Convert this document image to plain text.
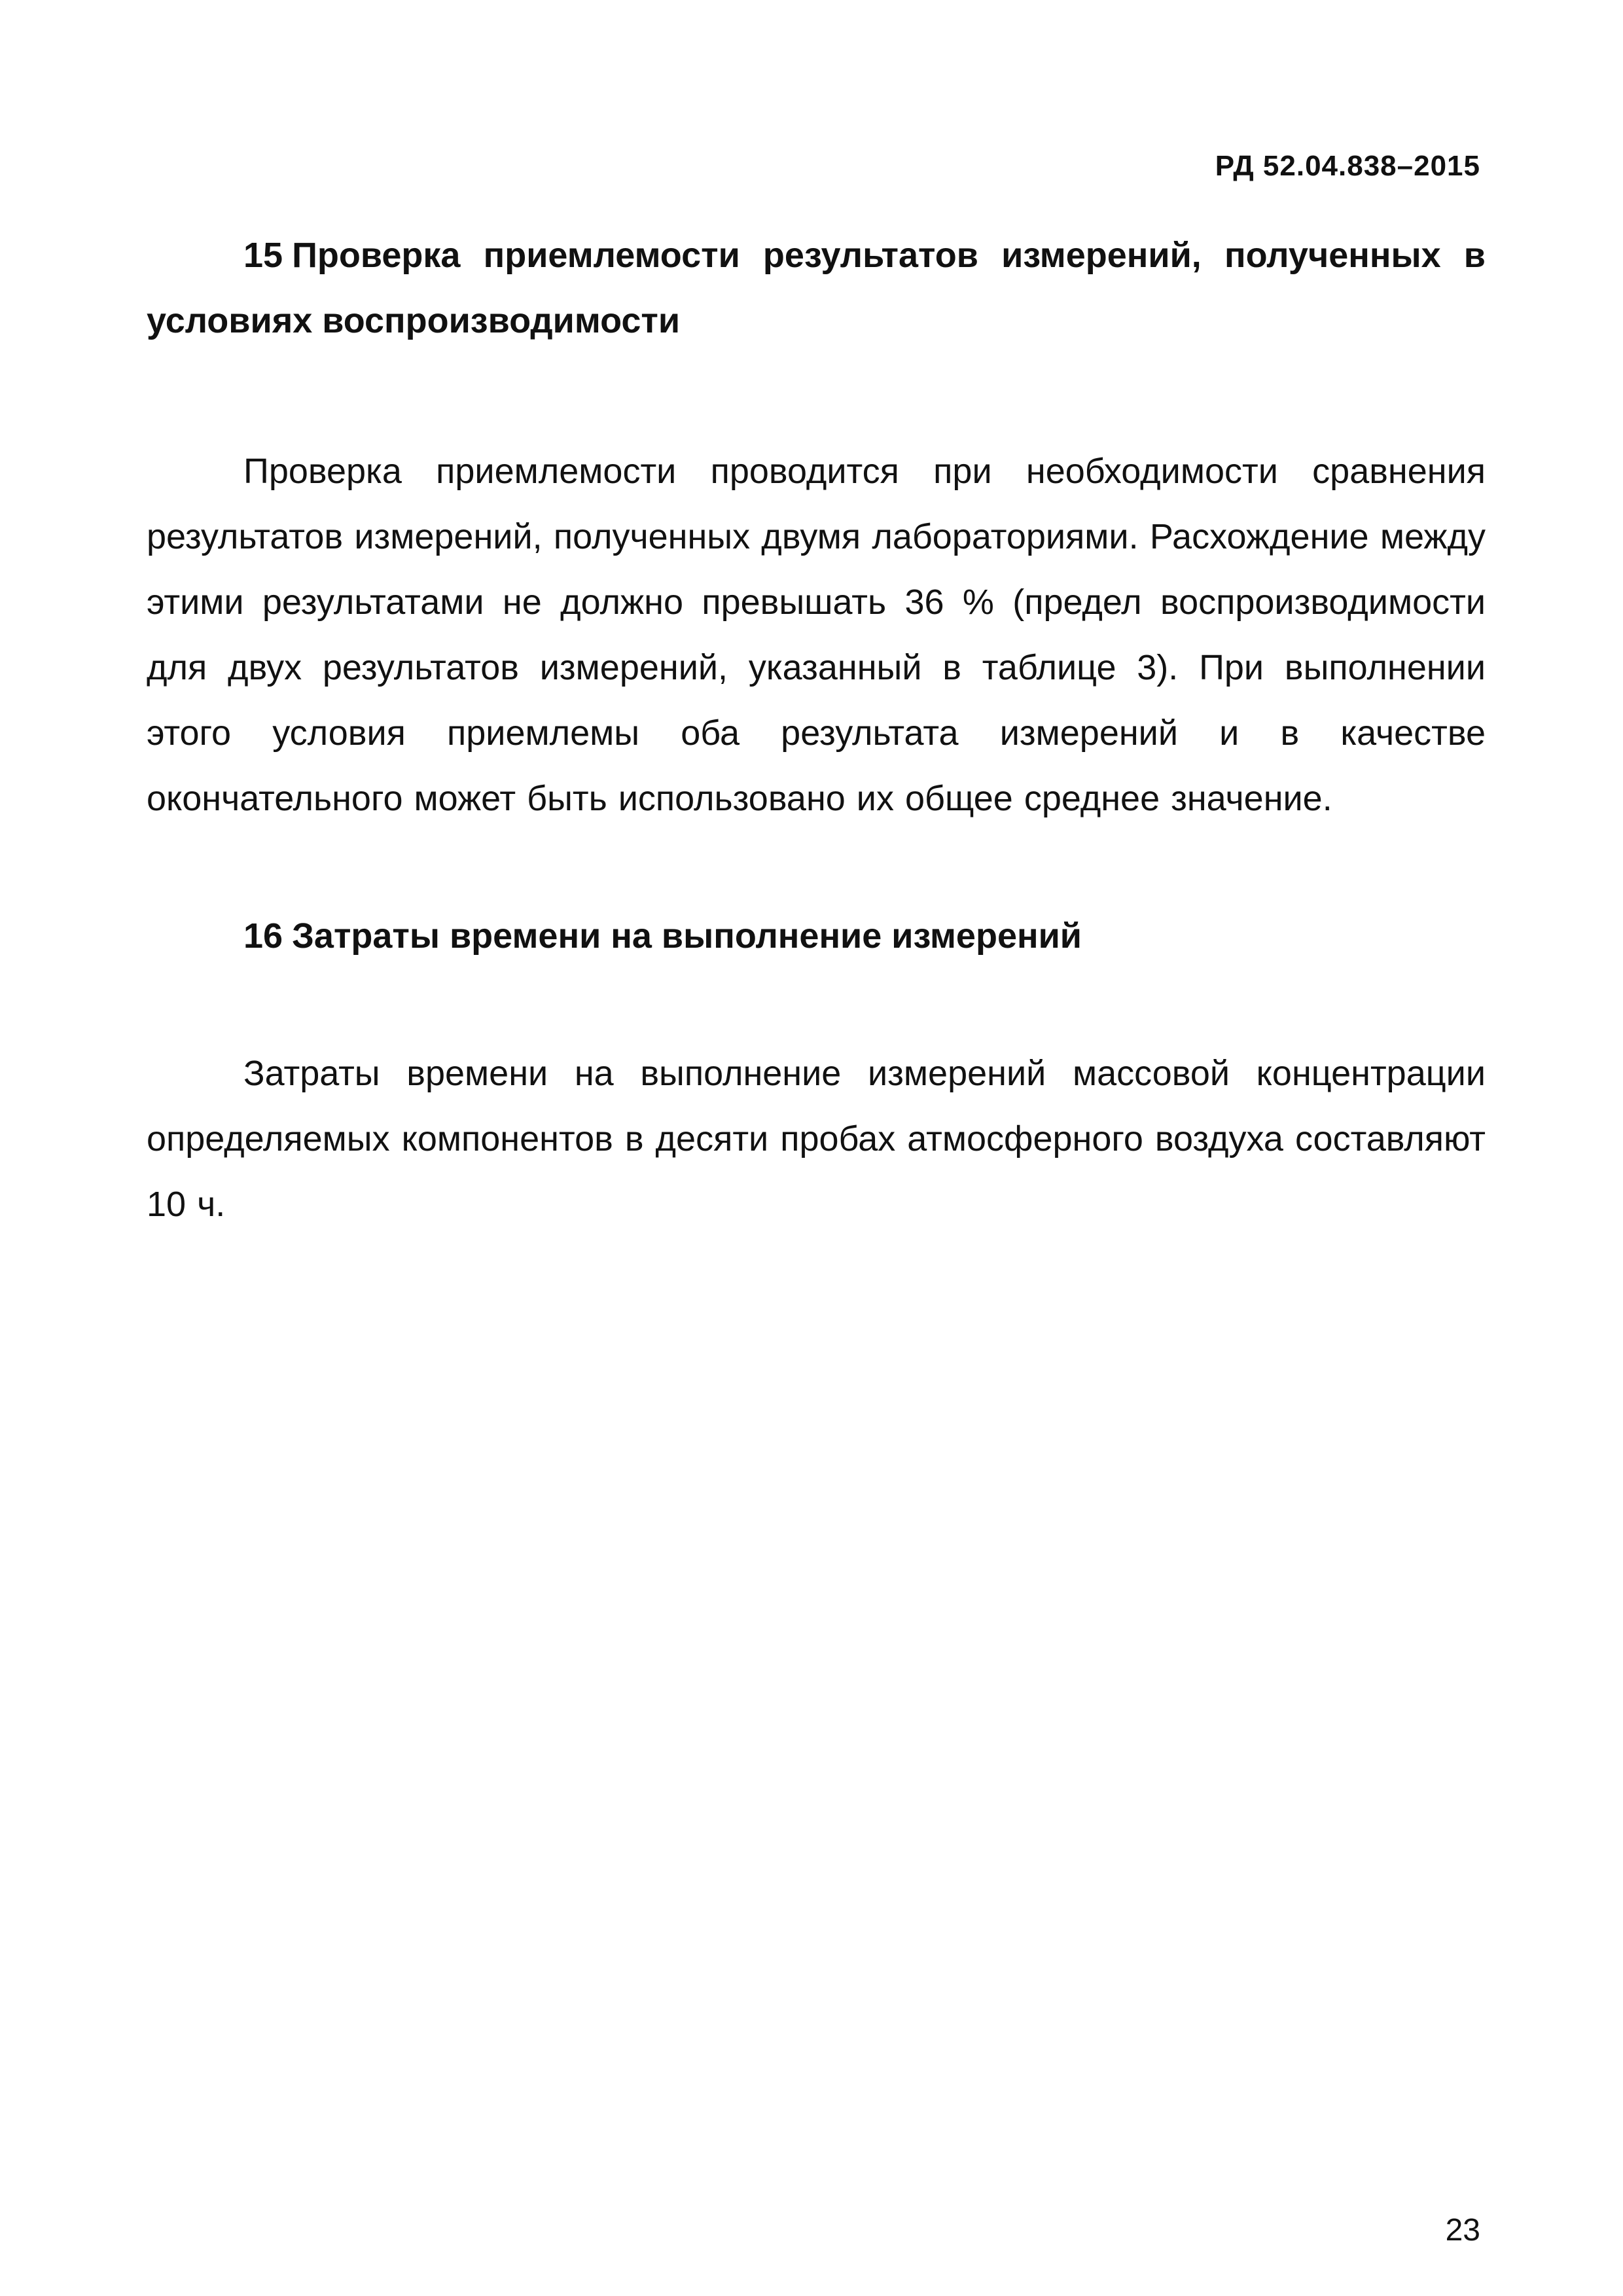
РД 52.04.838–2015
15 Проверка приемлемости результатов измерений, полученных в условиях воспроизводимости

Проверка приемлемости проводится при необходимости сравнения результатов измерений, полученных двумя лабораториями. Расхождение между этими результатами не должно превышать 36 % (предел воспроизводимости для двух результатов измерений, указанный в таблице 3). При выполнении этого условия приемлемы оба результата измерений и в качестве окончательного может быть использовано их общее среднее значение.

16 Затраты времени на выполнение измерений

Затраты времени на выполнение измерений массовой концентрации определяемых компонентов в десяти пробах атмосферного воздуха составляют 10 ч.

23
